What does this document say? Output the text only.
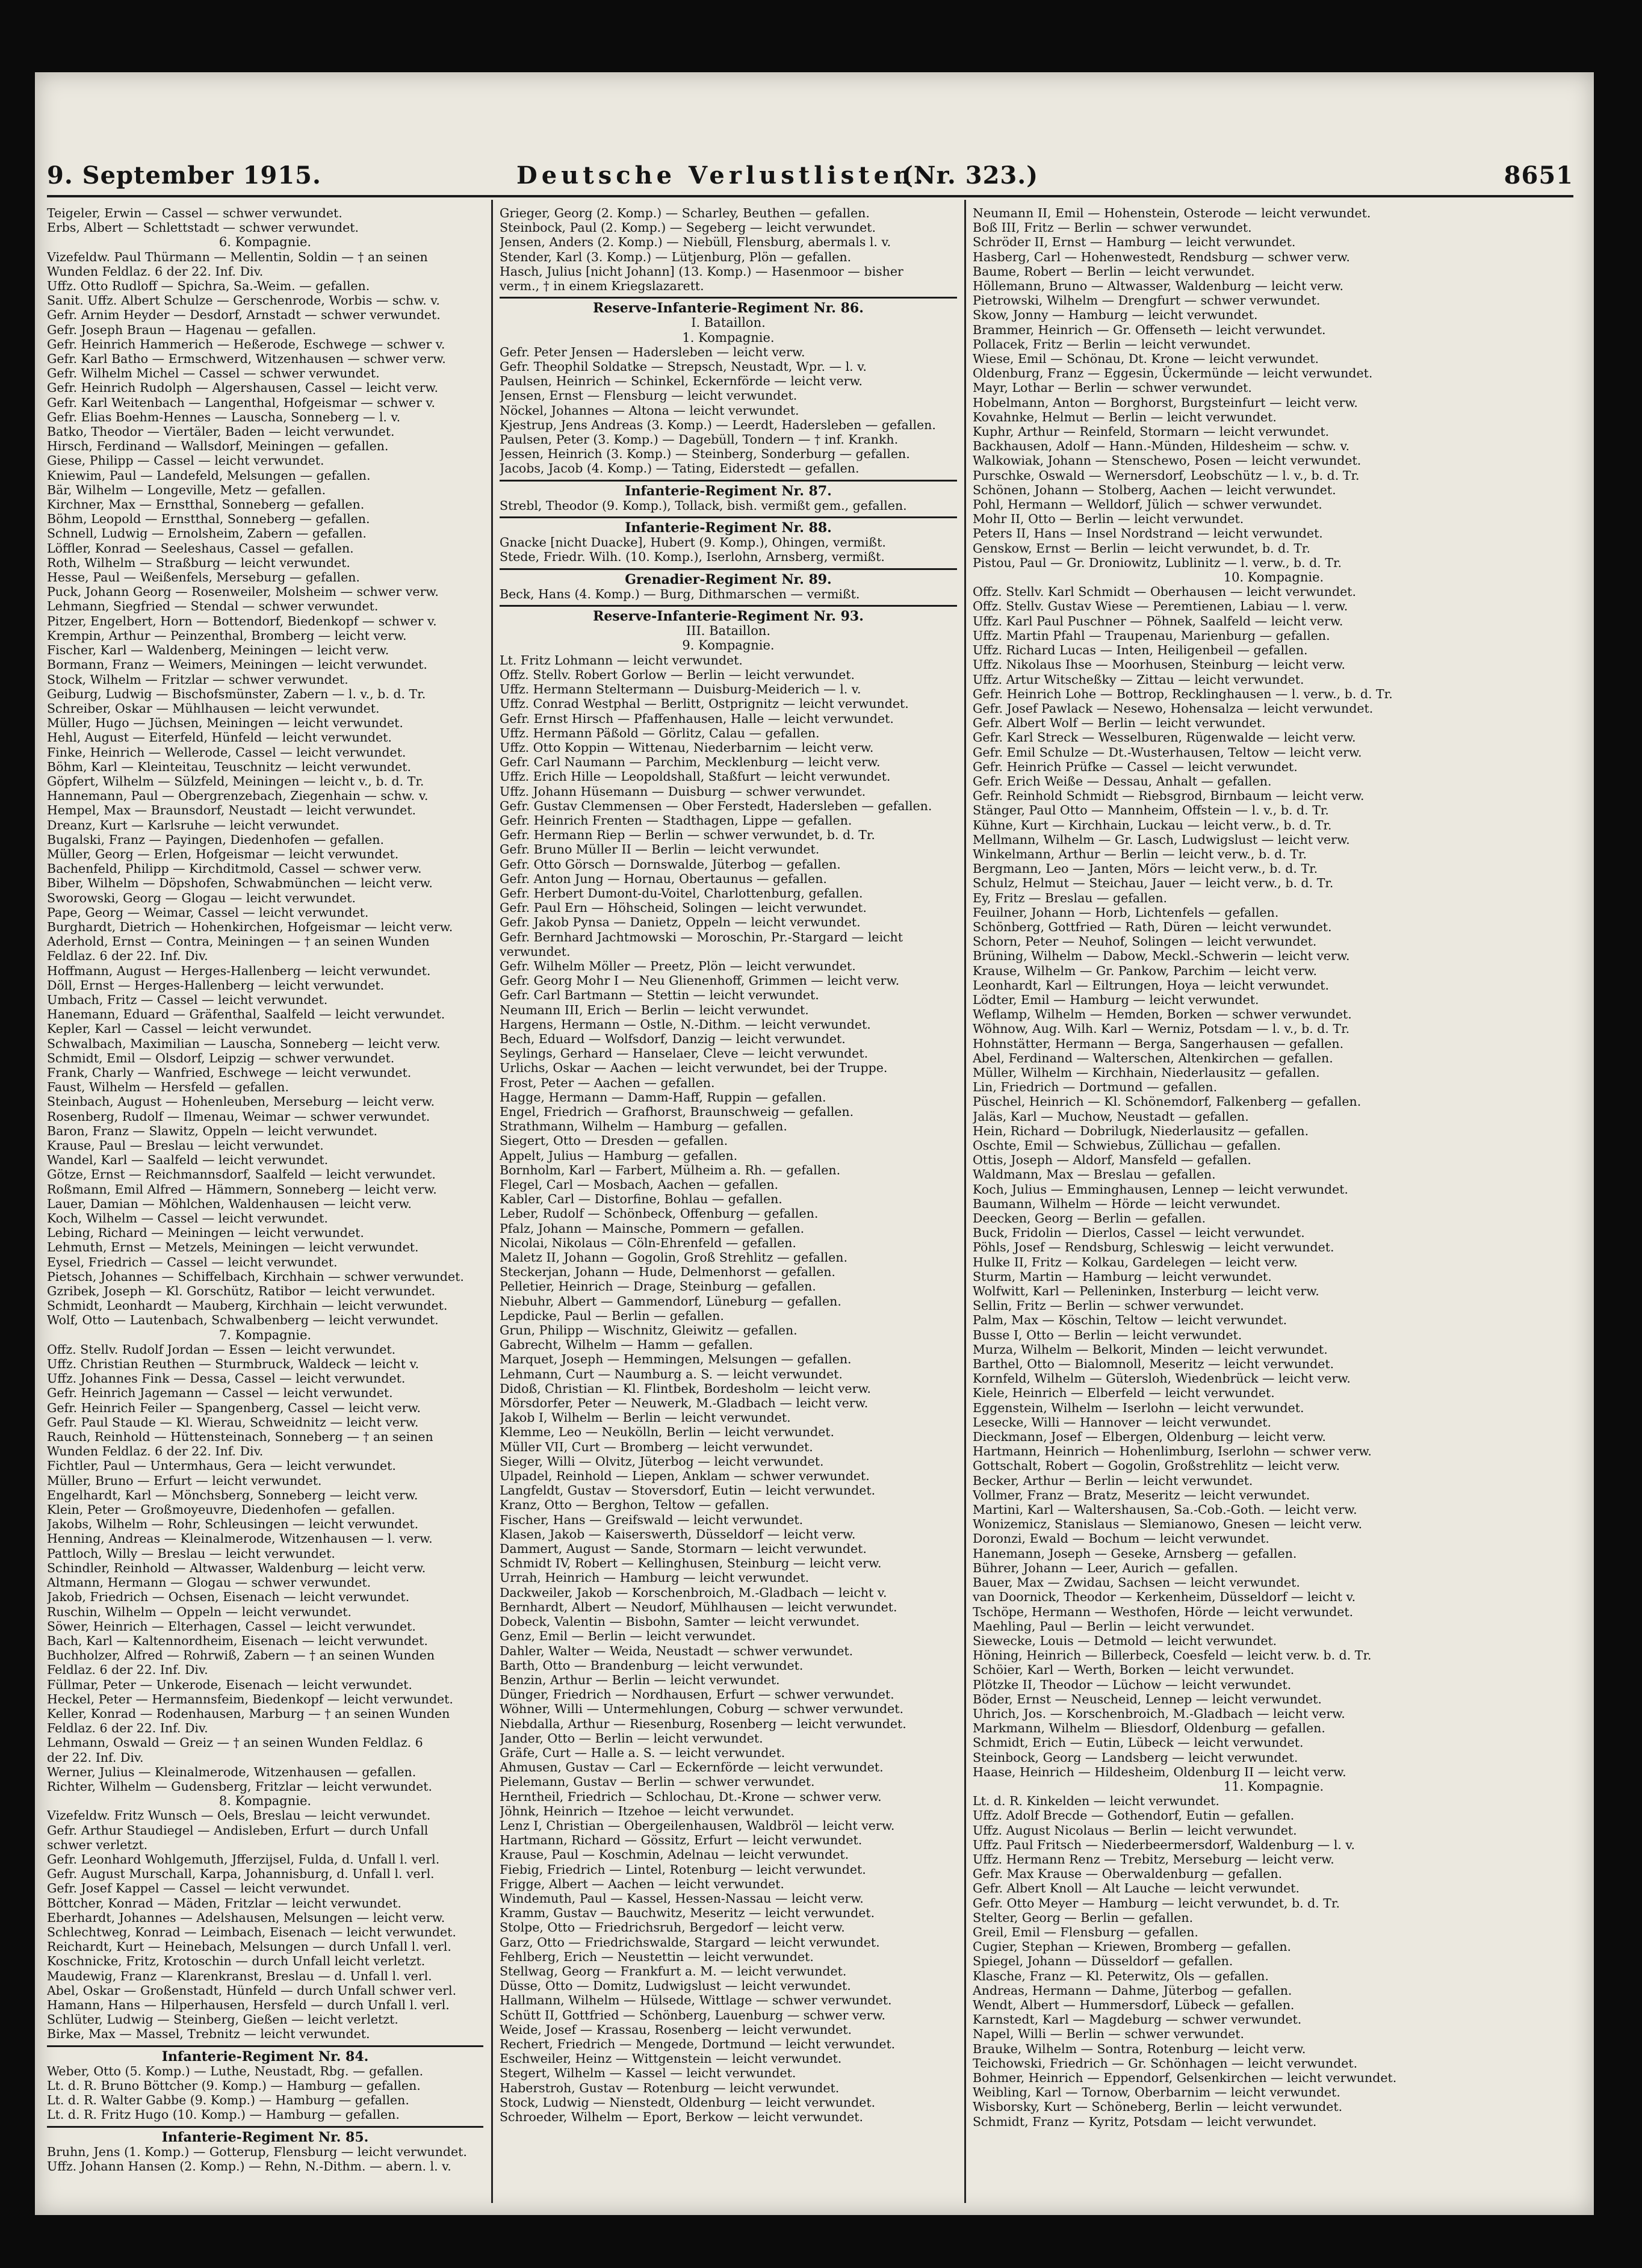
9. September 1915.	Deutsche Verlustlisten.
(Nr. 323.)	8651
Teigeler, Erwin — Cassel — schwer verwundet.
Erbs, Albert — Schlettstadt — schwer verwundet.
6. Kompagnie.
Vizefeldw. Paul Thürmann — Mellentin, Soldin — † an seinen
Wunden Feldlaz. 6 der 22. Inf. Div.
Uffz. Otto Rudloff — Spichra, Sa.-Weim. — gefallen.
Sanit. Uffz. Albert Schulze — Gerschenrode, Worbis — schw. v.
Gefr. Arnim Heyder — Desdorf, Arnstadt — schwer verwundet.
Gefr. Joseph Braun — Hagenau — gefallen.
Gefr. Heinrich Hammerich — Heßerode, Eschwege — schwer v.
Gefr. Karl Batho — Ermschwerd, Witzenhausen — schwer verw.
Gefr. Wilhelm Michel — Cassel — schwer verwundet.
Gefr. Heinrich Rudolph — Algershausen, Cassel — leicht verw.
Gefr. Karl Weitenbach — Langenthal, Hofgeismar — schwer v.
Gefr. Elias Boehm-Hennes — Lauscha, Sonneberg — l. v.
Batko, Theodor — Viertäler, Baden — leicht verwundet.
Hirsch, Ferdinand — Wallsdorf, Meiningen — gefallen.
Giese, Philipp — Cassel — leicht verwundet.
Kniewim, Paul — Landefeld, Melsungen — gefallen.
Bär, Wilhelm — Longeville, Metz — gefallen.
Kirchner, Max — Ernstthal, Sonneberg — gefallen.
Böhm, Leopold — Ernstthal, Sonneberg — gefallen.
Schnell, Ludwig — Ernolsheim, Zabern — gefallen.
Löffler, Konrad — Seeleshaus, Cassel — gefallen.
Roth, Wilhelm — Straßburg — leicht verwundet.
Hesse, Paul — Weißenfels, Merseburg — gefallen.
Puck, Johann Georg — Rosenweiler, Molsheim — schwer verw.
Lehmann, Siegfried — Stendal — schwer verwundet.
Pitzer, Engelbert, Horn — Bottendorf, Biedenkopf — schwer v.
Krempin, Arthur — Peinzenthal, Bromberg — leicht verw.
Fischer, Karl — Waldenberg, Meiningen — leicht verw.
Bormann, Franz — Weimers, Meiningen — leicht verwundet.
Stock, Wilhelm — Fritzlar — schwer verwundet.
Geiburg, Ludwig — Bischofsmünster, Zabern — l. v., b. d. Tr.
Schreiber, Oskar — Mühlhausen — leicht verwundet.
Müller, Hugo — Jüchsen, Meiningen — leicht verwundet.
Hehl, August — Eiterfeld, Hünfeld — leicht verwundet.
Finke, Heinrich — Wellerode, Cassel — leicht verwundet.
Böhm, Karl — Kleinteitau, Teuschnitz — leicht verwundet.
Göpfert, Wilhelm — Sülzfeld, Meiningen — leicht v., b. d. Tr.
Hannemann, Paul — Obergrenzebach, Ziegenhain — schw. v.
Hempel, Max — Braunsdorf, Neustadt — leicht verwundet.
Dreanz, Kurt — Karlsruhe — leicht verwundet.
Bugalski, Franz — Payingen, Diedenhofen — gefallen.
Müller, Georg — Erlen, Hofgeismar — leicht verwundet.
Bachenfeld, Philipp — Kirchditmold, Cassel — schwer verw.
Biber, Wilhelm — Döpshofen, Schwabmünchen — leicht verw.
Sworowski, Georg — Glogau — leicht verwundet.
Pape, Georg — Weimar, Cassel — leicht verwundet.
Burghardt, Dietrich — Hohenkirchen, Hofgeismar — leicht verw.
Aderhold, Ernst — Contra, Meiningen — † an seinen Wunden
Feldlaz. 6 der 22. Inf. Div.
Hoffmann, August — Herges-Hallenberg — leicht verwundet.
Döll, Ernst — Herges-Hallenberg — leicht verwundet.
Umbach, Fritz — Cassel — leicht verwundet.
Hanemann, Eduard — Gräfenthal, Saalfeld — leicht verwundet.
Kepler, Karl — Cassel — leicht verwundet.
Schwalbach, Maximilian — Lauscha, Sonneberg — leicht verw.
Schmidt, Emil — Olsdorf, Leipzig — schwer verwundet.
Frank, Charly — Wanfried, Eschwege — leicht verwundet.
Faust, Wilhelm — Hersfeld — gefallen.
Steinbach, August — Hohenleuben, Merseburg — leicht verw.
Rosenberg, Rudolf — Ilmenau, Weimar — schwer verwundet.
Baron, Franz — Slawitz, Oppeln — leicht verwundet.
Krause, Paul — Breslau — leicht verwundet.
Wandel, Karl — Saalfeld — leicht verwundet.
Götze, Ernst — Reichmannsdorf, Saalfeld — leicht verwundet.
Roßmann, Emil Alfred — Hämmern, Sonneberg — leicht verw.
Lauer, Damian — Möhlchen, Waldenhausen — leicht verw.
Koch, Wilhelm — Cassel — leicht verwundet.
Lebing, Richard — Meiningen — leicht verwundet.
Lehmuth, Ernst — Metzels, Meiningen — leicht verwundet.
Eysel, Friedrich — Cassel — leicht verwundet.
Pietsch, Johannes — Schiffelbach, Kirchhain — schwer verwundet.
Gzribek, Joseph — Kl. Gorschütz, Ratibor — leicht verwundet.
Schmidt, Leonhardt — Mauberg, Kirchhain — leicht verwundet.
Wolf, Otto — Lautenbach, Schwalbenberg — leicht verwundet.
7. Kompagnie.
Offz. Stellv. Rudolf Jordan — Essen — leicht verwundet.
Uffz. Christian Reuthen — Sturmbruck, Waldeck — leicht v.
Uffz. Johannes Fink — Dessa, Cassel — leicht verwundet.
Gefr. Heinrich Jagemann — Cassel — leicht verwundet.
Gefr. Heinrich Feiler — Spangenberg, Cassel — leicht verw.
Gefr. Paul Staude — Kl. Wierau, Schweidnitz — leicht verw.
Rauch, Reinhold — Hüttensteinach, Sonneberg — † an seinen
Wunden Feldlaz. 6 der 22. Inf. Div.
Fichtler, Paul — Untermhaus, Gera — leicht verwundet.
Müller, Bruno — Erfurt — leicht verwundet.
Engelhardt, Karl — Mönchsberg, Sonneberg — leicht verw.
Klein, Peter — Großmoyeuvre, Diedenhofen — gefallen.
Jakobs, Wilhelm — Rohr, Schleusingen — leicht verwundet.
Henning, Andreas — Kleinalmerode, Witzenhausen — l. verw.
Pattloch, Willy — Breslau — leicht verwundet.
Schindler, Reinhold — Altwasser, Waldenburg — leicht verw.
Altmann, Hermann — Glogau — schwer verwundet.
Jakob, Friedrich — Ochsen, Eisenach — leicht verwundet.
Ruschin, Wilhelm — Oppeln — leicht verwundet.
Söwer, Heinrich — Elterhagen, Cassel — leicht verwundet.
Bach, Karl — Kaltennordheim, Eisenach — leicht verwundet.
Buchholzer, Alfred — Rohrwiß, Zabern — † an seinen Wunden
Feldlaz. 6 der 22. Inf. Div.
Füllmar, Peter — Unkerode, Eisenach — leicht verwundet.
Heckel, Peter — Hermannsfeim, Biedenkopf — leicht verwundet.
Keller, Konrad — Rodenhausen, Marburg — † an seinen Wunden
Feldlaz. 6 der 22. Inf. Div.
Lehmann, Oswald — Greiz — † an seinen Wunden Feldlaz. 6
der 22. Inf. Div.
Werner, Julius — Kleinalmerode, Witzenhausen — gefallen.
Richter, Wilhelm — Gudensberg, Fritzlar — leicht verwundet.
8. Kompagnie.
Vizefeldw. Fritz Wunsch — Oels, Breslau — leicht verwundet.
Gefr. Arthur Staudiegel — Andisleben, Erfurt — durch Unfall
schwer verletzt.
Gefr. Leonhard Wohlgemuth, Jfferzijsel, Fulda, d. Unfall l. verl.
Gefr. August Murschall, Karpa, Johannisburg, d. Unfall l. verl.
Gefr. Josef Kappel — Cassel — leicht verwundet.
Böttcher, Konrad — Mäden, Fritzlar — leicht verwundet.
Eberhardt, Johannes — Adelshausen, Melsungen — leicht verw.
Schlechtweg, Konrad — Leimbach, Eisenach — leicht verwundet.
Reichardt, Kurt — Heinebach, Melsungen — durch Unfall l. verl.
Koschnicke, Fritz, Krotoschin — durch Unfall leicht verletzt.
Maudewig, Franz — Klarenkranst, Breslau — d. Unfall l. verl.
Abel, Oskar — Großenstadt, Hünfeld — durch Unfall schwer verl.
Hamann, Hans — Hilperhausen, Hersfeld — durch Unfall l. verl.
Schlüter, Ludwig — Steinberg, Gießen — leicht verletzt.
Birke, Max — Massel, Trebnitz — leicht verwundet.
Infanterie-Regiment Nr. 84.
Weber, Otto (5. Komp.) — Luthe, Neustadt, Rbg. — gefallen.
Lt. d. R. Bruno Böttcher (9. Komp.) — Hamburg — gefallen.
Lt. d. R. Walter Gabbe (9. Komp.) — Hamburg — gefallen.
Lt. d. R. Fritz Hugo (10. Komp.) — Hamburg — gefallen.
Infanterie-Regiment Nr. 85.
Bruhn, Jens (1. Komp.) — Gotterup, Flensburg — leicht verwundet.
Uffz. Johann Hansen (2. Komp.) — Rehn, N.-Dithm. — abern. l. v.
Grieger, Georg (2. Komp.) — Scharley, Beuthen — gefallen.
Steinbock, Paul (2. Komp.) — Segeberg — leicht verwundet.
Jensen, Anders (2. Komp.) — Niebüll, Flensburg, abermals l. v.
Stender, Karl (3. Komp.) — Lütjenburg, Plön — gefallen.
Hasch, Julius [nicht Johann] (13. Komp.) — Hasenmoor — bisher
verm., † in einem Kriegslazarett.
Reserve-Infanterie-Regiment Nr. 86.
I. Bataillon.
1. Kompagnie.
Gefr. Peter Jensen — Hadersleben — leicht verw.
Gefr. Theophil Soldatke — Strepsch, Neustadt, Wpr. — l. v.
Paulsen, Heinrich — Schinkel, Eckernförde — leicht verw.
Jensen, Ernst — Flensburg — leicht verwundet.
Nöckel, Johannes — Altona — leicht verwundet.
Kjestrup, Jens Andreas (3. Komp.) — Leerdt, Hadersleben — gefallen.
Paulsen, Peter (3. Komp.) — Dagebüll, Tondern — † inf. Krankh.
Jessen, Heinrich (3. Komp.) — Steinberg, Sonderburg — gefallen.
Jacobs, Jacob (4. Komp.) — Tating, Eiderstedt — gefallen.
Infanterie-Regiment Nr. 87.
Strebl, Theodor (9. Komp.), Tollack, bish. vermißt gem., gefallen.
Infanterie-Regiment Nr. 88.
Gnacke [nicht Duacke], Hubert (9. Komp.), Ohingen, vermißt.
Stede, Friedr. Wilh. (10. Komp.), Iserlohn, Arnsberg, vermißt.
Grenadier-Regiment Nr. 89.
Beck, Hans (4. Komp.) — Burg, Dithmarschen — vermißt.
Reserve-Infanterie-Regiment Nr. 93.
III. Bataillon.
9. Kompagnie.
Lt. Fritz Lohmann — leicht verwundet.
Offz. Stellv. Robert Gorlow — Berlin — leicht verwundet.
Uffz. Hermann Steltermann — Duisburg-Meiderich — l. v.
Uffz. Conrad Westphal — Berlitt, Ostprignitz — leicht verwundet.
Gefr. Ernst Hirsch — Pfaffenhausen, Halle — leicht verwundet.
Uffz. Hermann Päßold — Görlitz, Calau — gefallen.
Uffz. Otto Koppin — Wittenau, Niederbarnim — leicht verw.
Gefr. Carl Naumann — Parchim, Mecklenburg — leicht verw.
Uffz. Erich Hille — Leopoldshall, Staßfurt — leicht verwundet.
Uffz. Johann Hüsemann — Duisburg — schwer verwundet.
Gefr. Gustav Clemmensen — Ober Ferstedt, Hadersleben — gefallen.
Gefr. Heinrich Frenten — Stadthagen, Lippe — gefallen.
Gefr. Hermann Riep — Berlin — schwer verwundet, b. d. Tr.
Gefr. Bruno Müller II — Berlin — leicht verwundet.
Gefr. Otto Görsch — Dornswalde, Jüterbog — gefallen.
Gefr. Anton Jung — Hornau, Obertaunus — gefallen.
Gefr. Herbert Dumont-du-Voitel, Charlottenburg, gefallen.
Gefr. Paul Ern — Höhscheid, Solingen — leicht verwundet.
Gefr. Jakob Pynsa — Danietz, Oppeln — leicht verwundet.
Gefr. Bernhard Jachtmowski — Moroschin, Pr.-Stargard — leicht
verwundet.
Gefr. Wilhelm Möller — Preetz, Plön — leicht verwundet.
Gefr. Georg Mohr I — Neu Glienenhoff, Grimmen — leicht verw.
Gefr. Carl Bartmann — Stettin — leicht verwundet.
Neumann III, Erich — Berlin — leicht verwundet.
Hargens, Hermann — Ostle, N.-Dithm. — leicht verwundet.
Bech, Eduard — Wolfsdorf, Danzig — leicht verwundet.
Seylings, Gerhard — Hanselaer, Cleve — leicht verwundet.
Urlichs, Oskar — Aachen — leicht verwundet, bei der Truppe.
Frost, Peter — Aachen — gefallen.
Hagge, Hermann — Damm-Haff, Ruppin — gefallen.
Engel, Friedrich — Grafhorst, Braunschweig — gefallen.
Strathmann, Wilhelm — Hamburg — gefallen.
Siegert, Otto — Dresden — gefallen.
Appelt, Julius — Hamburg — gefallen.
Bornholm, Karl — Farbert, Mülheim a. Rh. — gefallen.
Flegel, Carl — Mosbach, Aachen — gefallen.
Kabler, Carl — Distorfine, Bohlau — gefallen.
Leber, Rudolf — Schönbeck, Offenburg — gefallen.
Pfalz, Johann — Mainsche, Pommern — gefallen.
Nicolai, Nikolaus — Cöln-Ehrenfeld — gefallen.
Maletz II, Johann — Gogolin, Groß Strehlitz — gefallen.
Steckerjan, Johann — Hude, Delmenhorst — gefallen.
Pelletier, Heinrich — Drage, Steinburg — gefallen.
Niebuhr, Albert — Gammendorf, Lüneburg — gefallen.
Lepdicke, Paul — Berlin — gefallen.
Grun, Philipp — Wischnitz, Gleiwitz — gefallen.
Gabrecht, Wilhelm — Hamm — gefallen.
Marquet, Joseph — Hemmingen, Melsungen — gefallen.
Lehmann, Curt — Naumburg a. S. — leicht verwundet.
Didoß, Christian — Kl. Flintbek, Bordesholm — leicht verw.
Mörsdorfer, Peter — Neuwerk, M.-Gladbach — leicht verw.
Jakob I, Wilhelm — Berlin — leicht verwundet.
Klemme, Leo — Neukölln, Berlin — leicht verwundet.
Müller VII, Curt — Bromberg — leicht verwundet.
Sieger, Willi — Olvitz, Jüterbog — leicht verwundet.
Ulpadel, Reinhold — Liepen, Anklam — schwer verwundet.
Langfeldt, Gustav — Stoversdorf, Eutin — leicht verwundet.
Kranz, Otto — Berghon, Teltow — gefallen.
Fischer, Hans — Greifswald — leicht verwundet.
Klasen, Jakob — Kaiserswerth, Düsseldorf — leicht verw.
Dammert, August — Sande, Stormarn — leicht verwundet.
Schmidt IV, Robert — Kellinghusen, Steinburg — leicht verw.
Urrah, Heinrich — Hamburg — leicht verwundet.
Dackweiler, Jakob — Korschenbroich, M.-Gladbach — leicht v.
Bernhardt, Albert — Neudorf, Mühlhausen — leicht verwundet.
Dobeck, Valentin — Bisbohn, Samter — leicht verwundet.
Genz, Emil — Berlin — leicht verwundet.
Dahler, Walter — Weida, Neustadt — schwer verwundet.
Barth, Otto — Brandenburg — leicht verwundet.
Benzin, Arthur — Berlin — leicht verwundet.
Dünger, Friedrich — Nordhausen, Erfurt — schwer verwundet.
Wöhner, Willi — Untermehlungen, Coburg — schwer verwundet.
Niebdalla, Arthur — Riesenburg, Rosenberg — leicht verwundet.
Jander, Otto — Berlin — leicht verwundet.
Gräfe, Curt — Halle a. S. — leicht verwundet.
Ahmusen, Gustav — Carl — Eckernförde — leicht verwundet.
Pielemann, Gustav — Berlin — schwer verwundet.
Herntheil, Friedrich — Schlochau, Dt.-Krone — schwer verw.
Jöhnk, Heinrich — Itzehoe — leicht verwundet.
Lenz I, Christian — Obergeilenhausen, Waldbröl — leicht verw.
Hartmann, Richard — Gössitz, Erfurt — leicht verwundet.
Krause, Paul — Koschmin, Adelnau — leicht verwundet.
Fiebig, Friedrich — Lintel, Rotenburg — leicht verwundet.
Frigge, Albert — Aachen — leicht verwundet.
Windemuth, Paul — Kassel, Hessen-Nassau — leicht verw.
Kramm, Gustav — Bauchwitz, Meseritz — leicht verwundet.
Stolpe, Otto — Friedrichsruh, Bergedorf — leicht verw.
Garz, Otto — Friedrichswalde, Stargard — leicht verwundet.
Fehlberg, Erich — Neustettin — leicht verwundet.
Stellwag, Georg — Frankfurt a. M. — leicht verwundet.
Düsse, Otto — Domitz, Ludwigslust — leicht verwundet.
Hallmann, Wilhelm — Hülsede, Wittlage — schwer verwundet.
Schütt II, Gottfried — Schönberg, Lauenburg — schwer verw.
Weide, Josef — Krassau, Rosenberg — leicht verwundet.
Rechert, Friedrich — Mengede, Dortmund — leicht verwundet.
Eschweiler, Heinz — Wittgenstein — leicht verwundet.
Stegert, Wilhelm — Kassel — leicht verwundet.
Haberstroh, Gustav — Rotenburg — leicht verwundet.
Stock, Ludwig — Nienstedt, Oldenburg — leicht verwundet.
Schroeder, Wilhelm — Eport, Berkow — leicht verwundet.
Neumann II, Emil — Hohenstein, Osterode — leicht verwundet.
Boß III, Fritz — Berlin — schwer verwundet.
Schröder II, Ernst — Hamburg — leicht verwundet.
Hasberg, Carl — Hohenwestedt, Rendsburg — schwer verw.
Baume, Robert — Berlin — leicht verwundet.
Höllemann, Bruno — Altwasser, Waldenburg — leicht verw.
Pietrowski, Wilhelm — Drengfurt — schwer verwundet.
Skow, Jonny — Hamburg — leicht verwundet.
Brammer, Heinrich — Gr. Offenseth — leicht verwundet.
Pollacek, Fritz — Berlin — leicht verwundet.
Wiese, Emil — Schönau, Dt. Krone — leicht verwundet.
Oldenburg, Franz — Eggesin, Ückermünde — leicht verwundet.
Mayr, Lothar — Berlin — schwer verwundet.
Hobelmann, Anton — Borghorst, Burgsteinfurt — leicht verw.
Kovahnke, Helmut — Berlin — leicht verwundet.
Kuphr, Arthur — Reinfeld, Stormarn — leicht verwundet.
Backhausen, Adolf — Hann.-Münden, Hildesheim — schw. v.
Walkowiak, Johann — Stenschewo, Posen — leicht verwundet.
Purschke, Oswald — Wernersdorf, Leobschütz — l. v., b. d. Tr.
Schönen, Johann — Stolberg, Aachen — leicht verwundet.
Pohl, Hermann — Welldorf, Jülich — schwer verwundet.
Mohr II, Otto — Berlin — leicht verwundet.
Peters II, Hans — Insel Nordstrand — leicht verwundet.
Genskow, Ernst — Berlin — leicht verwundet, b. d. Tr.
Pistou, Paul — Gr. Droniowitz, Lublinitz — l. verw., b. d. Tr.
10. Kompagnie.
Offz. Stellv. Karl Schmidt — Oberhausen — leicht verwundet.
Offz. Stellv. Gustav Wiese — Peremtienen, Labiau — l. verw.
Uffz. Karl Paul Puschner — Pöhnek, Saalfeld — leicht verw.
Uffz. Martin Pfahl — Traupenau, Marienburg — gefallen.
Uffz. Richard Lucas — Inten, Heiligenbeil — gefallen.
Uffz. Nikolaus Ihse — Moorhusen, Steinburg — leicht verw.
Uffz. Artur Witscheßky — Zittau — leicht verwundet.
Gefr. Heinrich Lohe — Bottrop, Recklinghausen — l. verw., b. d. Tr.
Gefr. Josef Pawlack — Nesewo, Hohensalza — leicht verwundet.
Gefr. Albert Wolf — Berlin — leicht verwundet.
Gefr. Karl Streck — Wesselburen, Rügenwalde — leicht verw.
Gefr. Emil Schulze — Dt.-Wusterhausen, Teltow — leicht verw.
Gefr. Heinrich Prüfke — Cassel — leicht verwundet.
Gefr. Erich Weiße — Dessau, Anhalt — gefallen.
Gefr. Reinhold Schmidt — Riebsgrod, Birnbaum — leicht verw.
Stänger, Paul Otto — Mannheim, Offstein — l. v., b. d. Tr.
Kühne, Kurt — Kirchhain, Luckau — leicht verw., b. d. Tr.
Mellmann, Wilhelm — Gr. Lasch, Ludwigslust — leicht verw.
Winkelmann, Arthur — Berlin — leicht verw., b. d. Tr.
Bergmann, Leo — Janten, Mörs — leicht verw., b. d. Tr.
Schulz, Helmut — Steichau, Jauer — leicht verw., b. d. Tr.
Ey, Fritz — Breslau — gefallen.
Feuilner, Johann — Horb, Lichtenfels — gefallen.
Schönberg, Gottfried — Rath, Düren — leicht verwundet.
Schorn, Peter — Neuhof, Solingen — leicht verwundet.
Brüning, Wilhelm — Dabow, Meckl.-Schwerin — leicht verw.
Krause, Wilhelm — Gr. Pankow, Parchim — leicht verw.
Leonhardt, Karl — Eiltrungen, Hoya — leicht verwundet.
Lödter, Emil — Hamburg — leicht verwundet.
Weflamp, Wilhelm — Hemden, Borken — schwer verwundet.
Wöhnow, Aug. Wilh. Karl — Werniz, Potsdam — l. v., b. d. Tr.
Hohnstätter, Hermann — Berga, Sangerhausen — gefallen.
Abel, Ferdinand — Walterschen, Altenkirchen — gefallen.
Müller, Wilhelm — Kirchhain, Niederlausitz — gefallen.
Lin, Friedrich — Dortmund — gefallen.
Püschel, Heinrich — Kl. Schönemdorf, Falkenberg — gefallen.
Jaläs, Karl — Muchow, Neustadt — gefallen.
Hein, Richard — Dobrilugk, Niederlausitz — gefallen.
Oschte, Emil — Schwiebus, Züllichau — gefallen.
Ottis, Joseph — Aldorf, Mansfeld — gefallen.
Waldmann, Max — Breslau — gefallen.
Koch, Julius — Emminghausen, Lennep — leicht verwundet.
Baumann, Wilhelm — Hörde — leicht verwundet.
Deecken, Georg — Berlin — gefallen.
Buck, Fridolin — Dierlos, Cassel — leicht verwundet.
Pöhls, Josef — Rendsburg, Schleswig — leicht verwundet.
Hulke II, Fritz — Kolkau, Gardelegen — leicht verw.
Sturm, Martin — Hamburg — leicht verwundet.
Wolfwitt, Karl — Pelleninken, Insterburg — leicht verw.
Sellin, Fritz — Berlin — schwer verwundet.
Palm, Max — Köschin, Teltow — leicht verwundet.
Busse I, Otto — Berlin — leicht verwundet.
Murza, Wilhelm — Belkorit, Minden — leicht verwundet.
Barthel, Otto — Bialomnoll, Meseritz — leicht verwundet.
Kornfeld, Wilhelm — Gütersloh, Wiedenbrück — leicht verw.
Kiele, Heinrich — Elberfeld — leicht verwundet.
Eggenstein, Wilhelm — Iserlohn — leicht verwundet.
Lesecke, Willi — Hannover — leicht verwundet.
Dieckmann, Josef — Elbergen, Oldenburg — leicht verw.
Hartmann, Heinrich — Hohenlimburg, Iserlohn — schwer verw.
Gottschalt, Robert — Gogolin, Großstrehlitz — leicht verw.
Becker, Arthur — Berlin — leicht verwundet.
Vollmer, Franz — Bratz, Meseritz — leicht verwundet.
Martini, Karl — Waltershausen, Sa.-Cob.-Goth. — leicht verw.
Wonizemicz, Stanislaus — Slemianowo, Gnesen — leicht verw.
Doronzi, Ewald — Bochum — leicht verwundet.
Hanemann, Joseph — Geseke, Arnsberg — gefallen.
Bührer, Johann — Leer, Aurich — gefallen.
Bauer, Max — Zwidau, Sachsen — leicht verwundet.
van Doornick, Theodor — Kerkenheim, Düsseldorf — leicht v.
Tschöpe, Hermann — Westhofen, Hörde — leicht verwundet.
Maehling, Paul — Berlin — leicht verwundet.
Siewecke, Louis — Detmold — leicht verwundet.
Höning, Heinrich — Billerbeck, Coesfeld — leicht verw. b. d. Tr.
Schöier, Karl — Werth, Borken — leicht verwundet.
Plötzke II, Theodor — Lüchow — leicht verwundet.
Böder, Ernst — Neuscheid, Lennep — leicht verwundet.
Uhrich, Jos. — Korschenbroich, M.-Gladbach — leicht verw.
Markmann, Wilhelm — Bliesdorf, Oldenburg — gefallen.
Schmidt, Erich — Eutin, Lübeck — leicht verwundet.
Steinbock, Georg — Landsberg — leicht verwundet.
Haase, Heinrich — Hildesheim, Oldenburg II — leicht verw.
11. Kompagnie.
Lt. d. R. Kinkelden — leicht verwundet.
Uffz. Adolf Brecde — Gothendorf, Eutin — gefallen.
Uffz. August Nicolaus — Berlin — leicht verwundet.
Uffz. Paul Fritsch — Niederbeermersdorf, Waldenburg — l. v.
Uffz. Hermann Renz — Trebitz, Merseburg — leicht verw.
Gefr. Max Krause — Oberwaldenburg — gefallen.
Gefr. Albert Knoll — Alt Lauche — leicht verwundet.
Gefr. Otto Meyer — Hamburg — leicht verwundet, b. d. Tr.
Stelter, Georg — Berlin — gefallen.
Greil, Emil — Flensburg — gefallen.
Cugier, Stephan — Kriewen, Bromberg — gefallen.
Spiegel, Johann — Düsseldorf — gefallen.
Klasche, Franz — Kl. Peterwitz, Ols — gefallen.
Andreas, Hermann — Dahme, Jüterbog — gefallen.
Wendt, Albert — Hummersdorf, Lübeck — gefallen.
Karnstedt, Karl — Magdeburg — schwer verwundet.
Napel, Willi — Berlin — schwer verwundet.
Brauke, Wilhelm — Sontra, Rotenburg — leicht verw.
Teichowski, Friedrich — Gr. Schönhagen — leicht verwundet.
Bohmer, Heinrich — Eppendorf, Gelsenkirchen — leicht verwundet.
Weibling, Karl — Tornow, Oberbarnim — leicht verwundet.
Wisborsky, Kurt — Schöneberg, Berlin — leicht verwundet.
Schmidt, Franz — Kyritz, Potsdam — leicht verwundet.
